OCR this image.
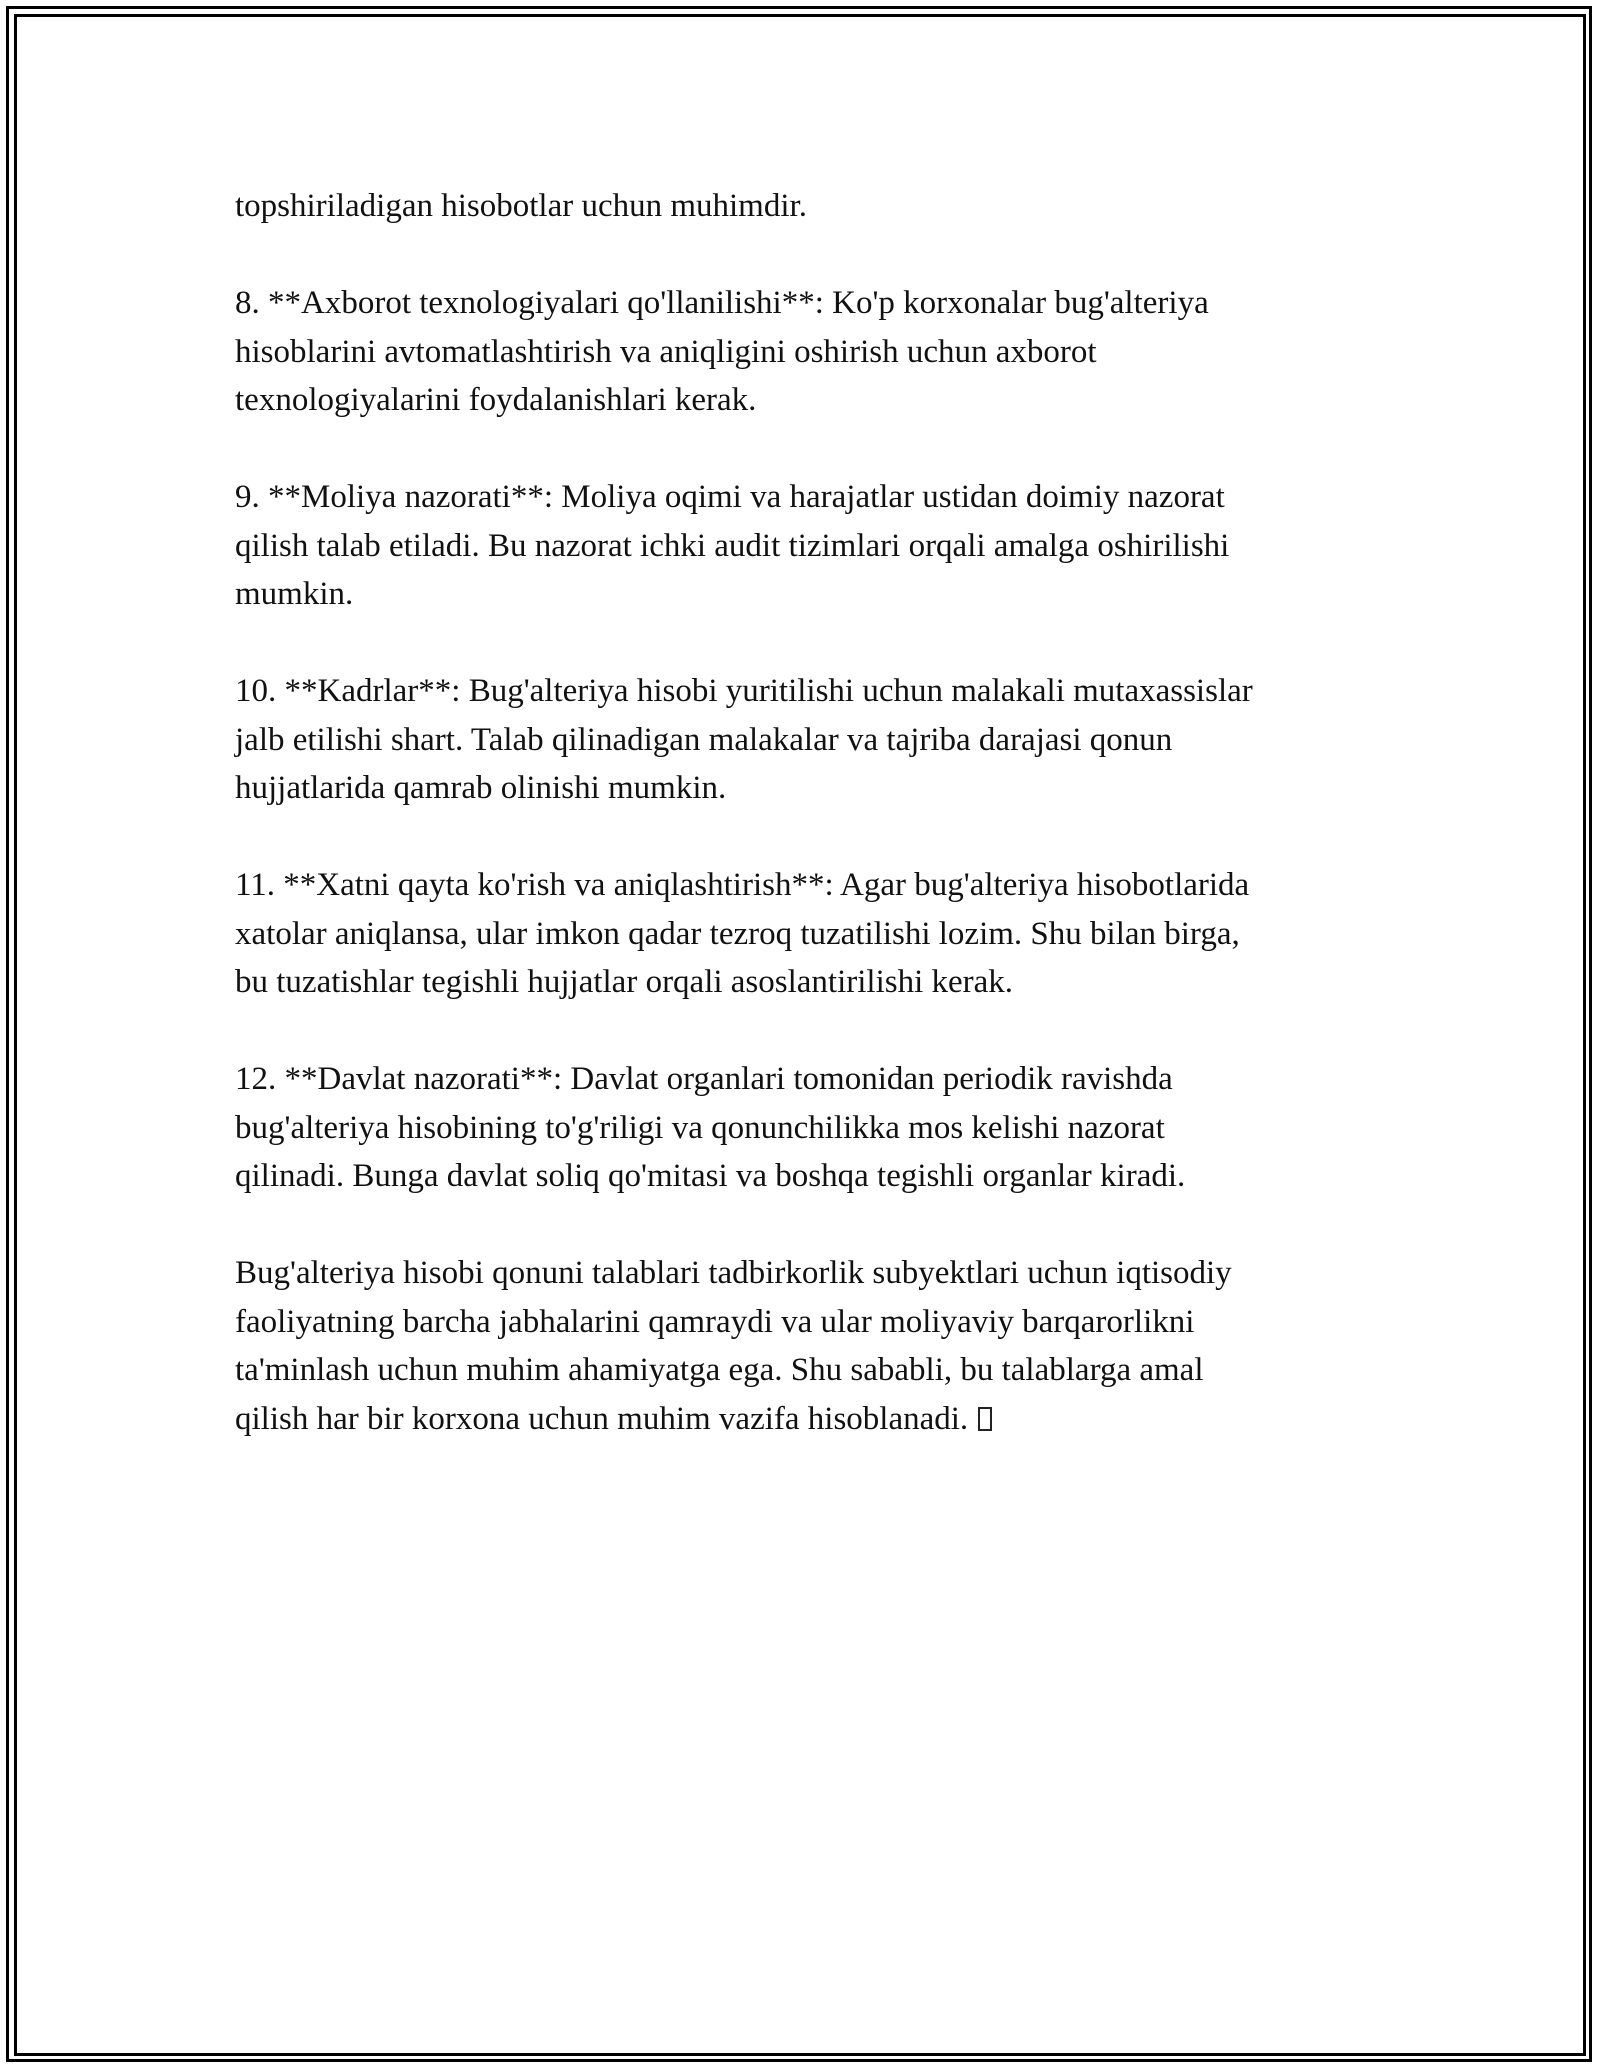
topshiriladigan hisobotlar uchun muhimdir.

8. **Axborot texnologiyalari qo'llanilishi**: Ko'p korxonalar bug'alteriya
hisoblarini avtomatlashtirish va aniqligini oshirish uchun axborot
texnologiyalarini foydalanishlari kerak.

9. **Moliya nazorati**: Moliya oqimi va harajatlar ustidan doimiy nazorat
qilish talab etiladi. Bu nazorat ichki audit tizimlari orqali amalga oshirilishi
mumkin.

10. **Kadrlar**: Bug'alteriya hisobi yuritilishi uchun malakali mutaxassislar
jalb etilishi shart. Talab qilinadigan malakalar va tajriba darajasi qonun
hujjatlarida qamrab olinishi mumkin.

11. **Xatni qayta ko'rish va aniqlashtirish**: Agar bug'alteriya hisobotlarida
xatolar aniqlansa, ular imkon qadar tezroq tuzatilishi lozim. Shu bilan birga,
bu tuzatishlar tegishli hujjatlar orqali asoslantirilishi kerak.

12. **Davlat nazorati**: Davlat organlari tomonidan periodik ravishda
bug'alteriya hisobining to'g'riligi va qonunchilikka mos kelishi nazorat
qilinadi. Bunga davlat soliq qo'mitasi va boshqa tegishli organlar kiradi.

Bug'alteriya hisobi qonuni talablari tadbirkorlik subyektlari uchun iqtisodiy
faoliyatning barcha jabhalarini qamraydi va ular moliyaviy barqarorlikni
ta'minlash uchun muhim ahamiyatga ega. Shu sababli, bu talablarga amal
qilish har bir korxona uchun muhim vazifa hisoblanadi.
